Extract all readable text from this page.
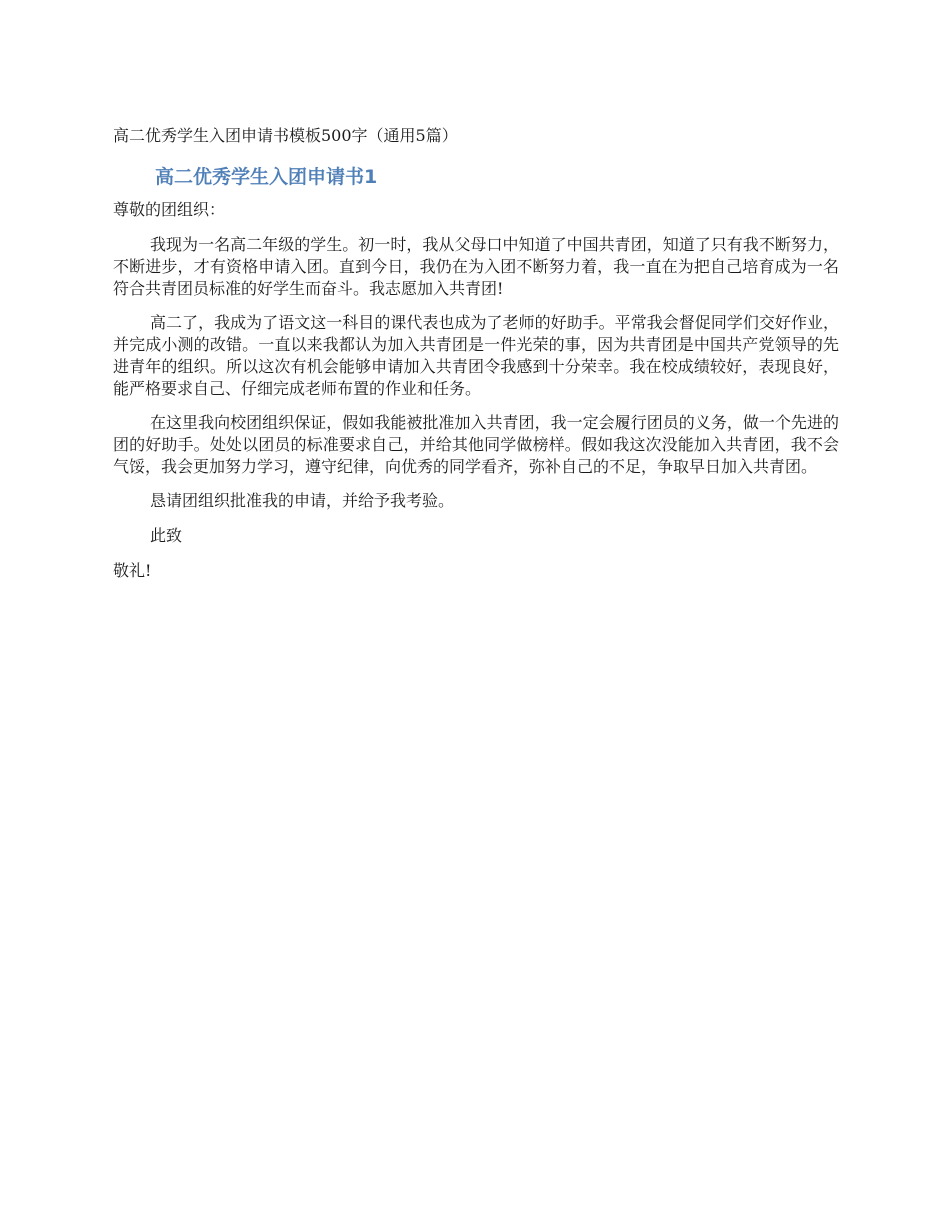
高二优秀学生入团申请书模板500字（通用5篇）

高二优秀学生入团申请书1

尊敬的团组织：

我现为一名高二年级的学生。初一时，我从父母口中知道了中国共青团，知道了只有我不断努力，不断进步，才有资格申请入团。直到今日，我仍在为入团不断努力着，我一直在为把自己培育成为一名符合共青团员标准的好学生而奋斗。我志愿加入共青团!

高二了，我成为了语文这一科目的课代表也成为了老师的好助手。平常我会督促同学们交好作业，并完成小测的改错。一直以来我都认为加入共青团是一件光荣的事，因为共青团是中国共产党领导的先进青年的组织。所以这次有机会能够申请加入共青团令我感到十分荣幸。我在校成绩较好，表现良好，能严格要求自己、仔细完成老师布置的作业和任务。

在这里我向校团组织保证，假如我能被批准加入共青团，我一定会履行团员的义务，做一个先进的团的好助手。处处以团员的标准要求自己，并给其他同学做榜样。假如我这次没能加入共青团，我不会气馁，我会更加努力学习，遵守纪律，向优秀的同学看齐，弥补自己的不足，争取早日加入共青团。

恳请团组织批准我的申请，并给予我考验。

此致

敬礼!
